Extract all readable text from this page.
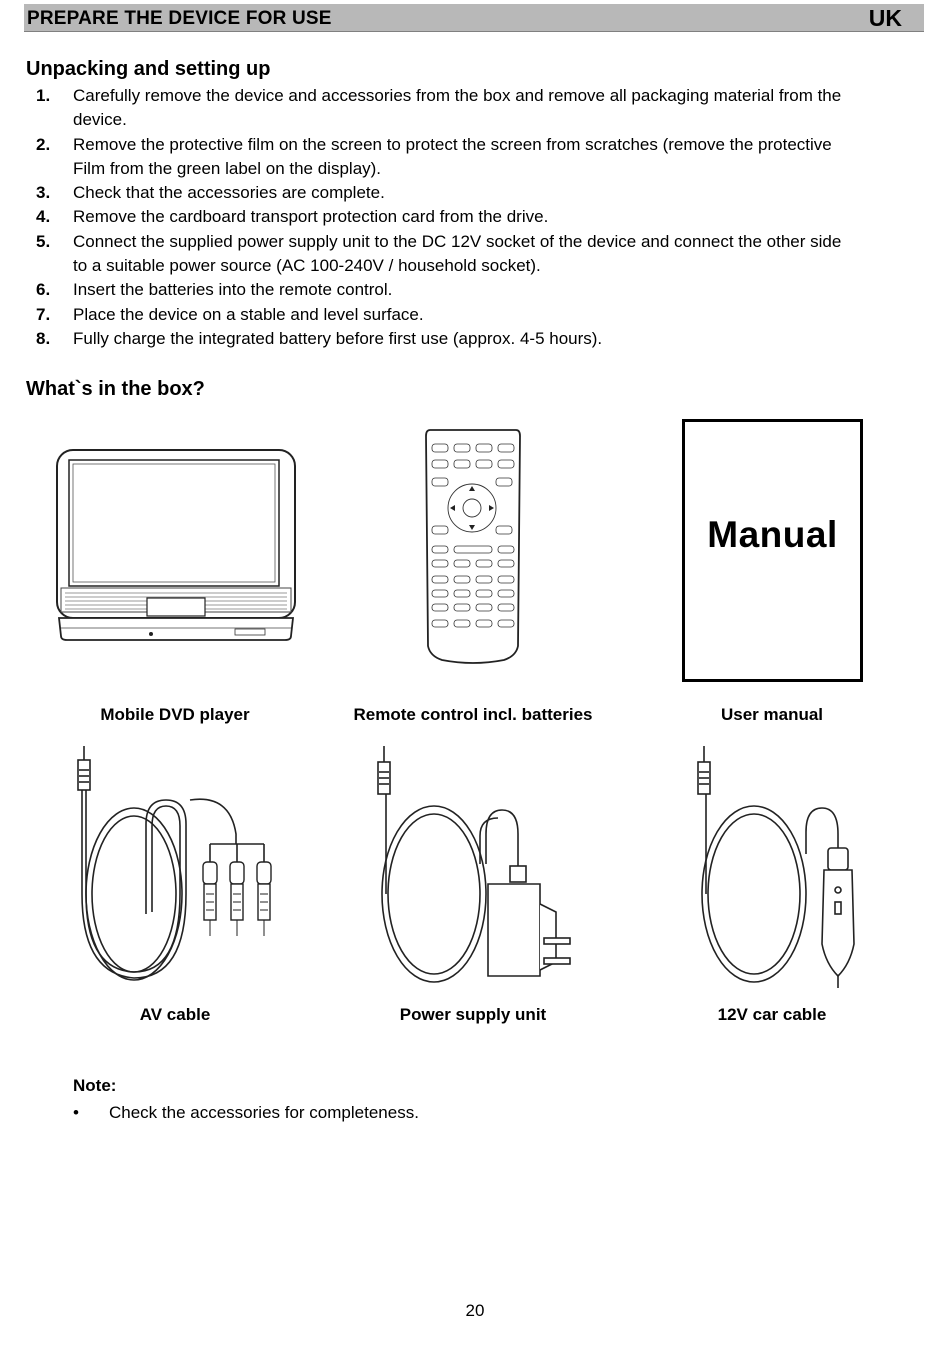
PREPARE THE DEVICE FOR USE	UK
Unpacking and setting up
1. Carefully remove the device and accessories from the box and remove all packaging material from the
device.
2. Remove the protective film on the screen to protect the screen from scratches (remove the protective
Film from the green label on the display).
3. Check that the accessories are complete.
4. Remove the cardboard transport protection card from the drive.
5. Connect the supplied power supply unit to the DC 12V socket of the device and connect the other side
to a suitable power source (AC 100-240V / household socket).
6. Insert the batteries into the remote control.
7. Place the device on a stable and level surface.
8. Fully charge the integrated battery before first use (approx. 4-5 hours).
What`s in the box?
Manual
Mobile DVD player	Remote control incl. batteries	User manual
AV cable	Power supply unit	12V car cable
Note:
• Check the accessories for completeness.
20
